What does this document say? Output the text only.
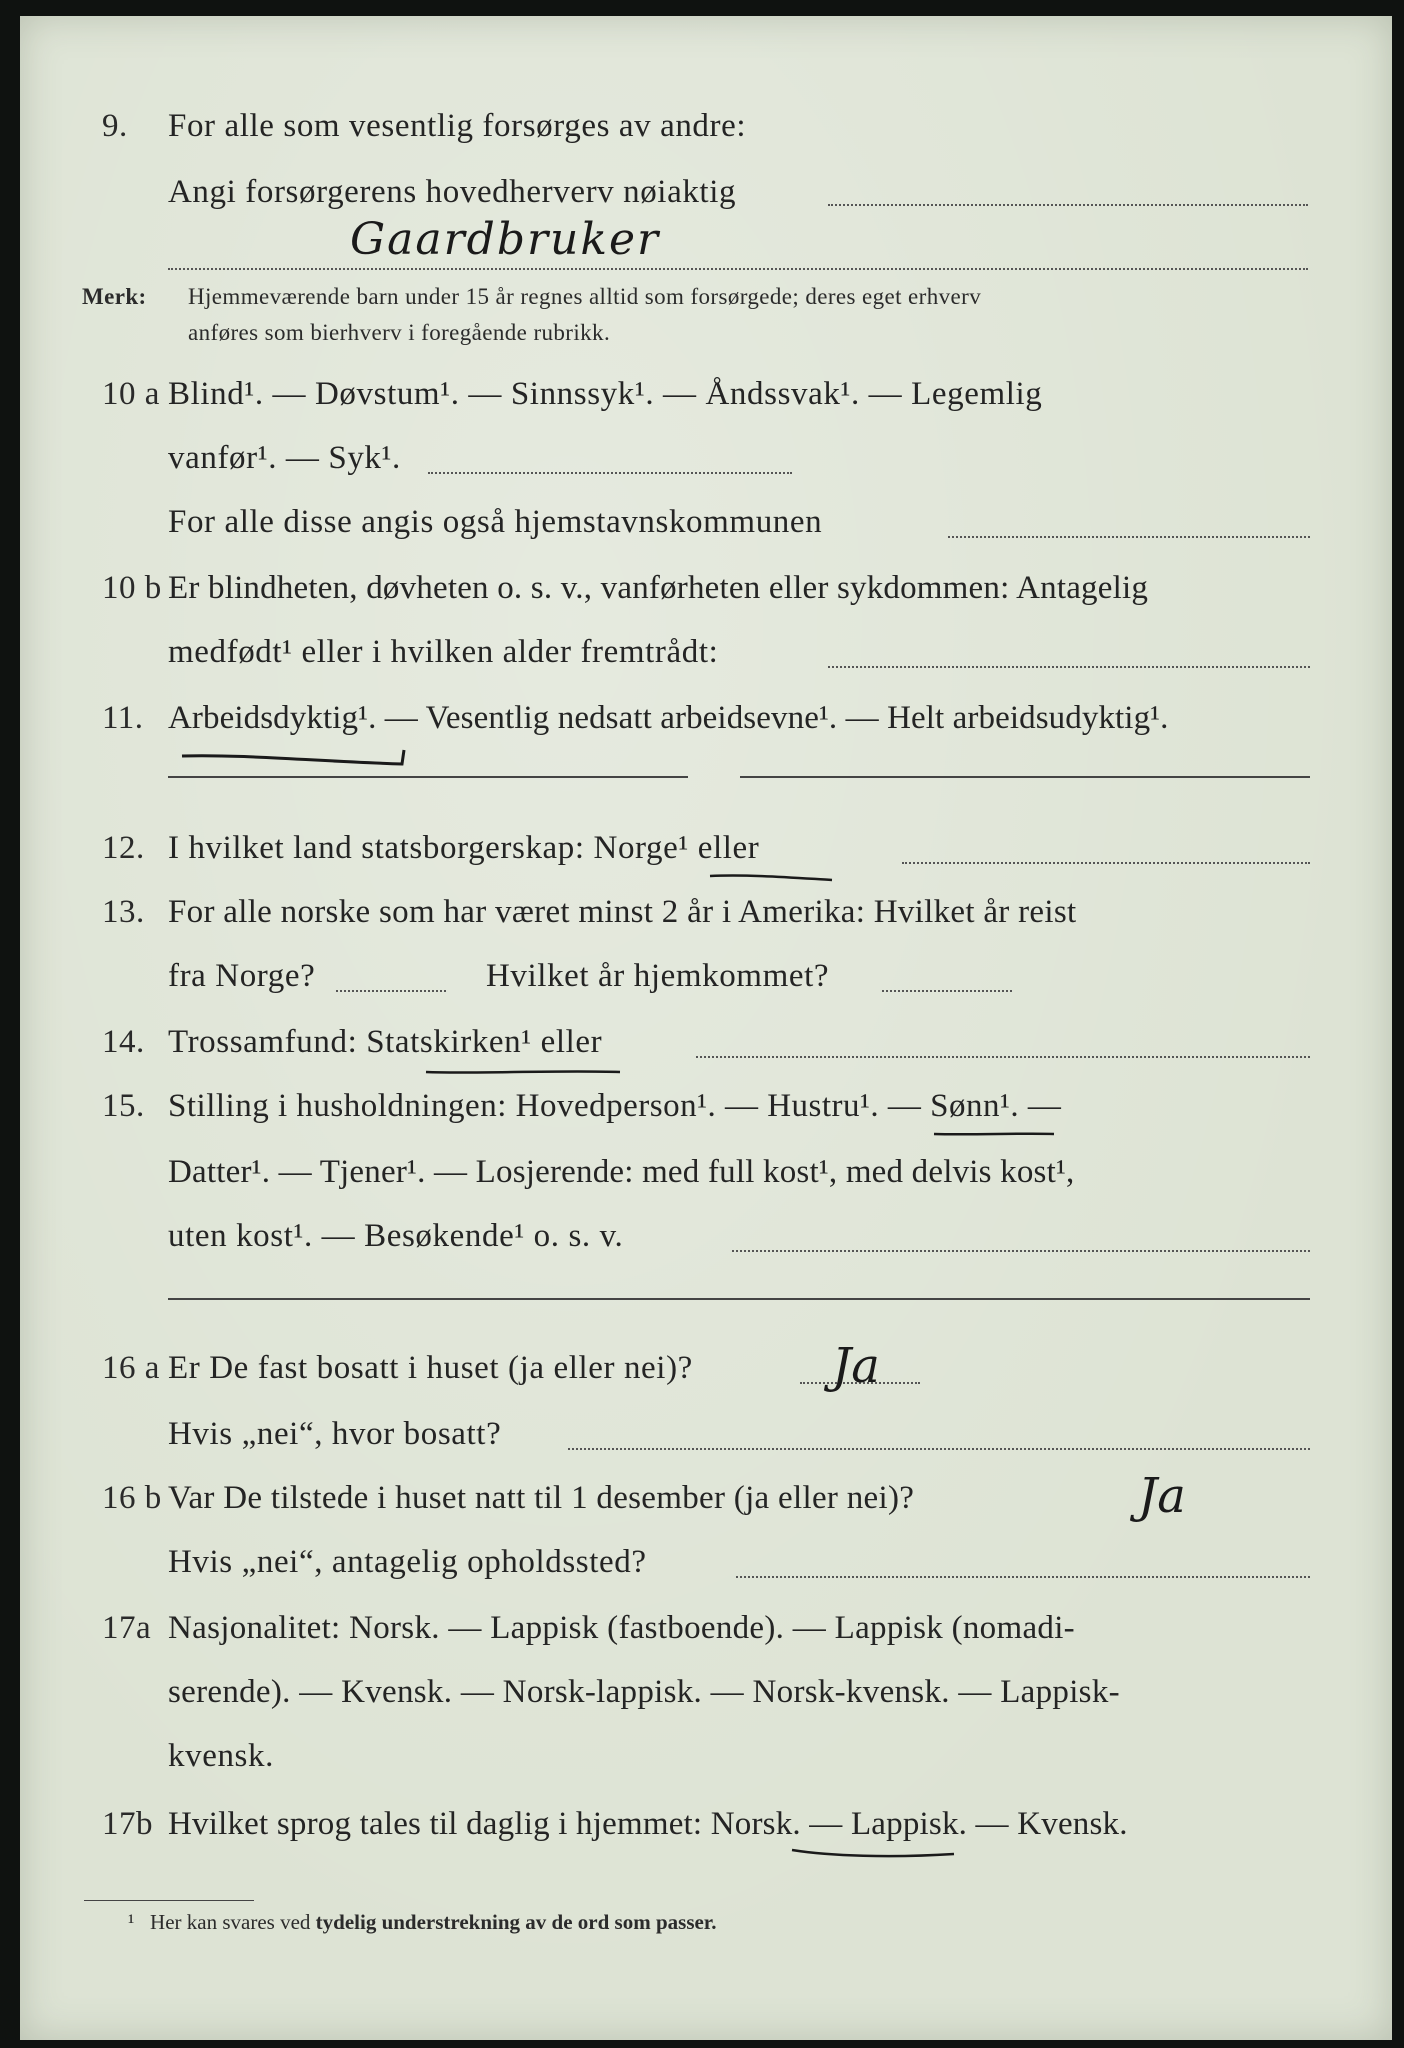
9. For alle som vesentlig forsørges av andre:
Angi forsørgerens hovedherverv nøiaktig
Gaardbruker
Merk: Hjemmeværende barn under 15 år regnes alltid som forsørgede; deres eget erhverv
anføres som bierhverv i foregående rubrikk.
10 a Blind¹. — Døvstum¹. — Sinnssyk¹. — Åndssvak¹. — Legemlig
vanfør¹. — Syk¹.
For alle disse angis også hjemstavnskommunen
10 b Er blindheten, døvheten o. s. v., vanførheten eller sykdommen: Antagelig
medfødt¹ eller i hvilken alder fremtrådt:
11. Arbeidsdyktig¹. — Vesentlig nedsatt arbeidsevne¹. — Helt arbeidsudyktig¹.
12. I hvilket land statsborgerskap: Norge¹ eller
13. For alle norske som har været minst 2 år i Amerika: Hvilket år reist
fra Norge?	Hvilket år hjemkommet?
14. Trossamfund: Statskirken¹ eller
15. Stilling i husholdningen: Hovedperson¹. — Hustru¹. — Sønn¹. —
Datter¹. — Tjener¹. — Losjerende: med full kost¹, med delvis kost¹,
uten kost¹. — Besøkende¹ o. s. v.
16 a Er De fast bosatt i huset (ja eller nei)?	Ja
Hvis „nei“, hvor bosatt?
16 b Var De tilstede i huset natt til 1 desember (ja eller nei)?	Ja
Hvis „nei“, antagelig opholdssted?
17a Nasjonalitet: Norsk. — Lappisk (fastboende). — Lappisk (nomadi-
serende). — Kvensk. — Norsk-lappisk. — Norsk-kvensk. — Lappisk-
kvensk.
17b Hvilket sprog tales til daglig i hjemmet: Norsk. — Lappisk. — Kvensk.
¹ Her kan svares ved tydelig understrekning av de ord som passer.
